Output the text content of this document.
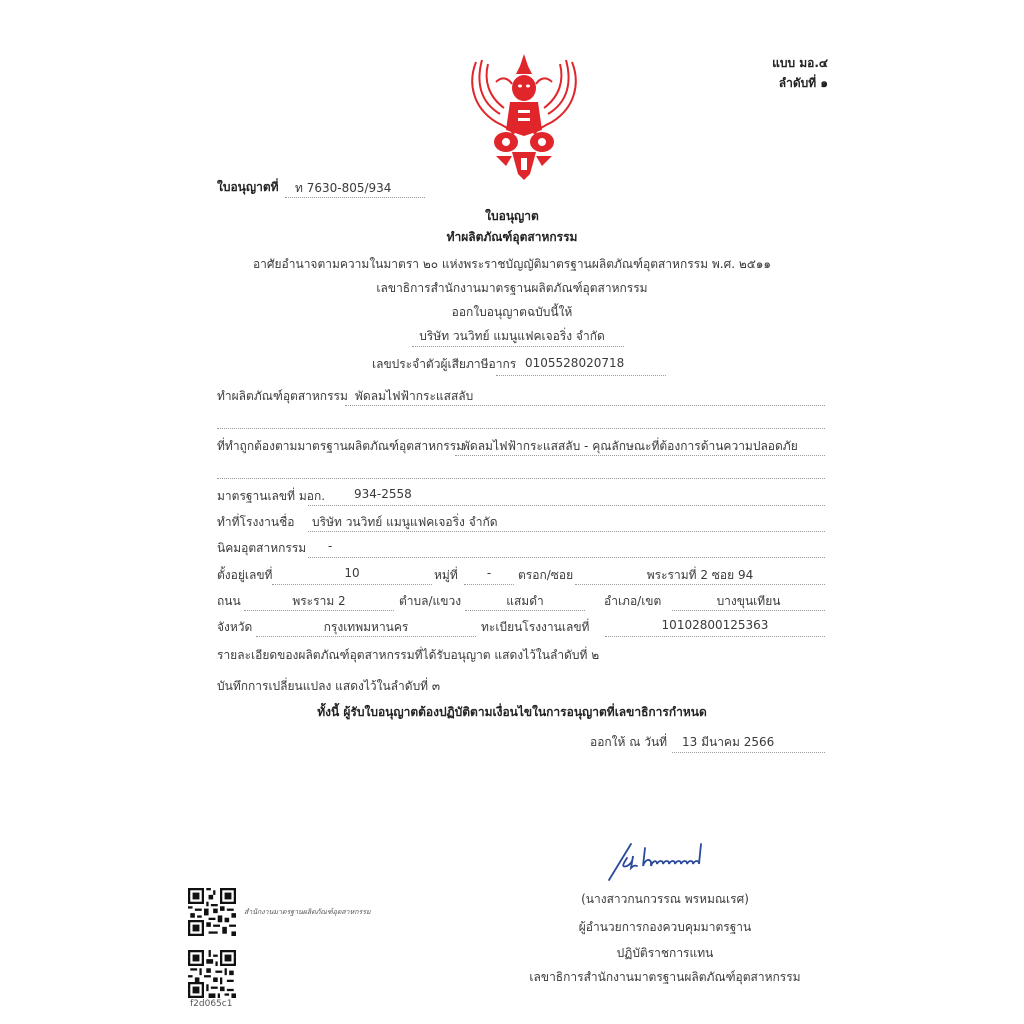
แบบ มอ.๔
ลำดับที่ ๑
ใบอนุญาตที่ ท 7630-805/934
ใบอนุญาต
ทำผลิตภัณฑ์อุตสาหกรรม
อาศัยอำนาจตามความในมาตรา ๒๐ แห่งพระราชบัญญัติมาตรฐานผลิตภัณฑ์อุตสาหกรรม พ.ศ. ๒๕๑๑
เลขาธิการสำนักงานมาตรฐานผลิตภัณฑ์อุตสาหกรรม
ออกใบอนุญาตฉบับนี้ให้
บริษัท วนวิทย์ แมนูแฟคเจอริ่ง จำกัด
เลขประจำตัวผู้เสียภาษีอากร 0105528020718
ทำผลิตภัณฑ์อุตสาหกรรม พัดลมไฟฟ้ากระแสสลับ
ที่ทำถูกต้องตามมาตรฐานผลิตภัณฑ์อุตสาหกรรม
พัดลมไฟฟ้ากระแสสลับ - คุณลักษณะที่ต้องการด้านความปลอดภัย
มาตรฐานเลขที่ มอก. 934-2558
ทำที่โรงงานชื่อ บริษัท วนวิทย์ แมนูแฟคเจอริ่ง จำกัด
นิคมอุตสาหกรรม -
ตั้งอยู่เลขที่	10	หมู่ที่	-	ตรอก/ซอย	พระรามที่ 2 ซอย 94
ถนน	พระราม 2	ตำบล/แขวง	แสมดำ	อำเภอ/เขต	บางขุนเทียน
จังหวัด	กรุงเทพมหานคร	ทะเบียนโรงงานเลขที่	10102800125363
รายละเอียดของผลิตภัณฑ์อุตสาหกรรมที่ได้รับอนุญาต แสดงไว้ในลำดับที่ ๒
บันทึกการเปลี่ยนแปลง แสดงไว้ในลำดับที่ ๓
ทั้งนี้ ผู้รับใบอนุญาตต้องปฏิบัติตามเงื่อนไขในการอนุญาตที่เลขาธิการกำหนด
ออกให้ ณ วันที่ 13 มีนาคม 2566
(นางสาวกนกวรรณ พรหมณเรศ)
ผู้อำนวยการกองควบคุมมาตรฐาน
ปฏิบัติราชการแทน
เลขาธิการสำนักงานมาตรฐานผลิตภัณฑ์อุตสาหกรรม
สำนักงานมาตรฐานผลิตภัณฑ์อุตสาหกรรม
f2d065c1
